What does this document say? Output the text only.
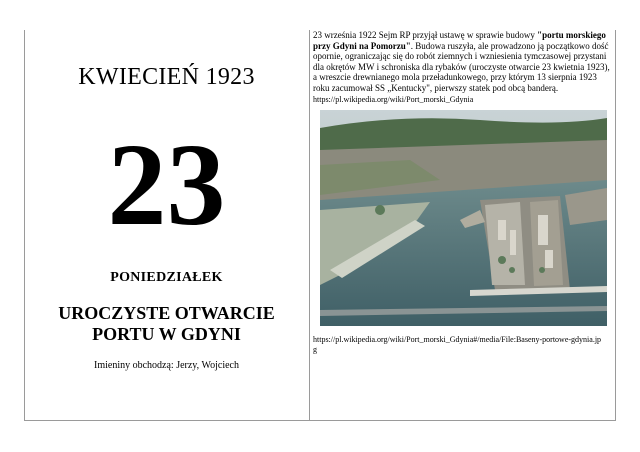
KWIECIEŃ 1923
23
PONIEDZIAŁEK
UROCZYSTE OTWARCIE
PORTU W GDYNI
Imieniny obchodzą: Jerzy, Wojciech

23 września 1922 Sejm RP przyjął ustawę w sprawie budowy "portu morskiego przy Gdyni na Pomorzu". Budowa ruszyła, ale prowadzono ją początkowo dość opornie, ograniczając się do robót ziemnych i wzniesienia tymczasowej przystani dla okrętów MW i schroniska dla rybaków (uroczyste otwarcie 23 kwietnia 1923), a wreszcie drewnianego mola przeładunkowego, przy którym 13 sierpnia 1923 roku zacumował SS „Kentucky", pierwszy statek pod obcą banderą.
https://pl.wikipedia.org/wiki/Port_morski_Gdynia

https://pl.wikipedia.org/wiki/Port_morski_Gdynia#/media/File:Baseny-portowe-gdynia.jpg
